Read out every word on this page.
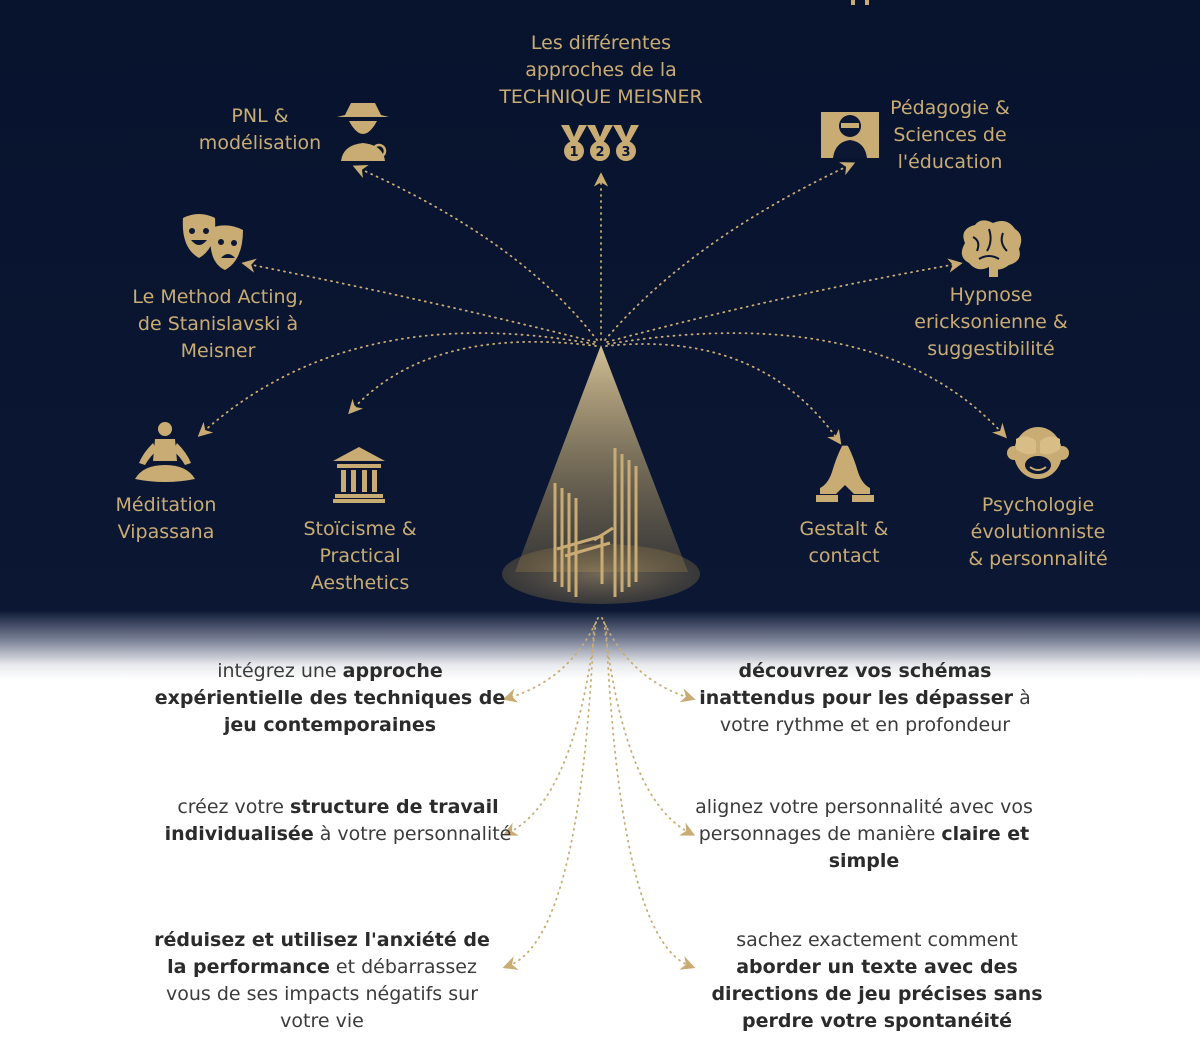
1 2 3
Les différentes
approches de la
TECHNIQUE MEISNER
PNL &
modélisation
Pédagogie &
Sciences de
l'éducation
Le Method Acting,
de Stanislavski à
Meisner
Hypnose
ericksonienne &
suggestibilité
Méditation
Vipassana	Stoïcisme &
Practical
Aesthetics
Gestalt &
contact
Psychologie
évolutionniste
& personnalité
intégrez une approche expérientielle des techniques de jeu contemporaines
découvrez vos schémas inattendus pour les dépasser à votre rythme et en profondeur
créez votre structure de travail individualisée à votre personnalité
alignez votre personnalité avec vos personnages de manière claire et simple
réduisez et utilisez l'anxiété de la performance et débarrassez vous de ses impacts négatifs sur votre vie
sachez exactement comment aborder un texte avec des directions de jeu précises sans perdre votre spontanéité
